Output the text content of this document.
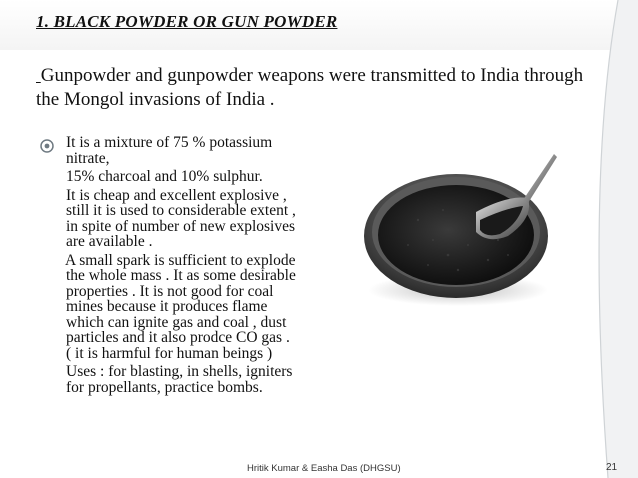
1. BLACK POWDER OR GUN POWDER
Gunpowder and gunpowder weapons were transmitted to India through the Mongol invasions of India .

It is a mixture of 75 % potassium

nitrate,

15% charcoal and 10% sulphur.

It is cheap and excellent explosive ,

still it is used to considerable extent ,

in spite of number of new explosives

are available .

A small spark is sufficient to explode

the whole mass . It as some desirable

properties . It is not good for coal

mines because it produces flame

which can ignite gas and coal , dust

particles and it also prodce CO gas .

( it is harmful for human beings )

Uses : for blasting, in shells, igniters

for propellants, practice bombs.

Hritik Kumar & Easha Das (DHGSU)	21
